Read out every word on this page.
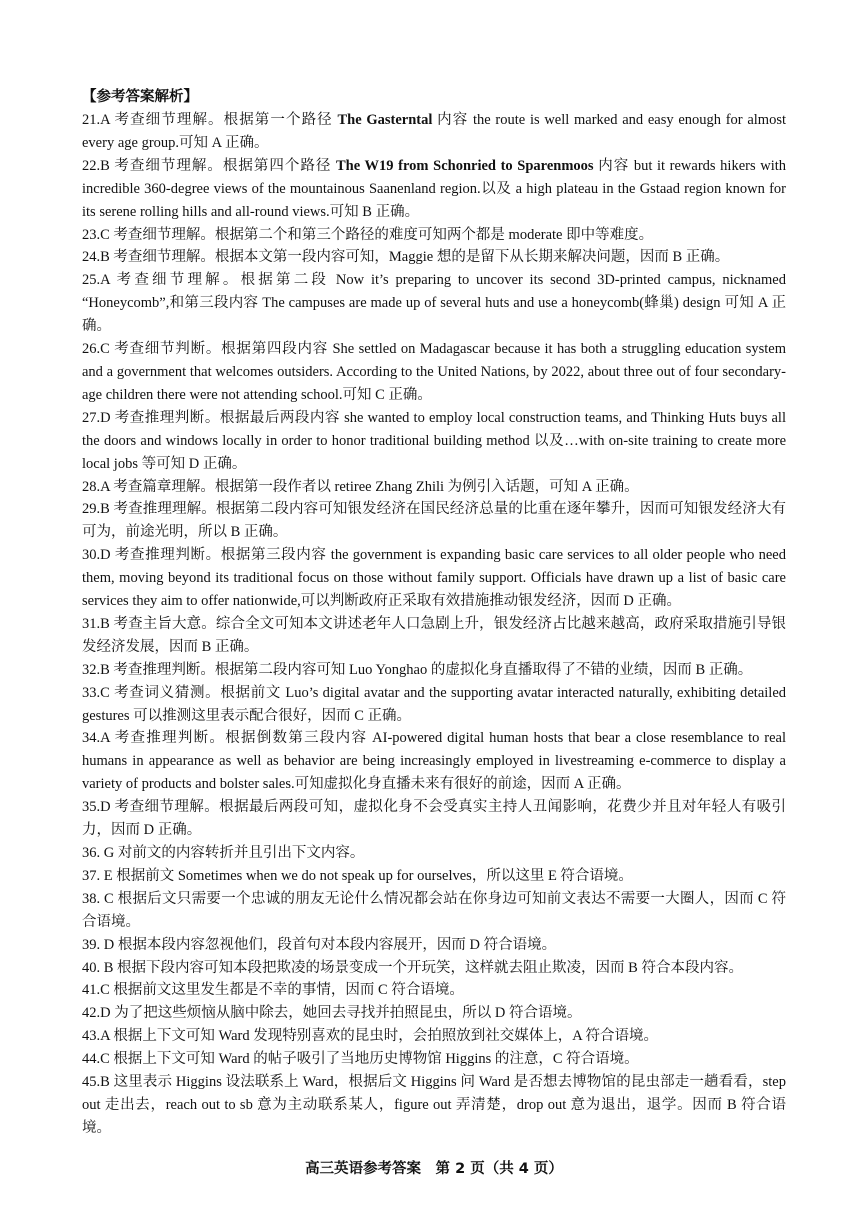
【参考答案解析】

21.A 考查细节理解。根据第一个路径 The Gasterntal 内容 the route is well marked and easy enough for almost every age group.可知 A 正确。

22.B 考查细节理解。根据第四个路径 The W19 from Schonried to Sparenmoos 内容 but it rewards hikers with incredible 360-degree views of the mountainous Saanenland region.以及 a high plateau in the Gstaad region known for its serene rolling hills and all-round views.可知 B 正确。

23.C 考查细节理解。根据第二个和第三个路径的难度可知两个都是 moderate 即中等难度。

24.B 考查细节理解。根据本文第一段内容可知，Maggie 想的是留下从长期来解决问题，因而 B 正确。

25.A 考查细节理解。根据第二段 Now it’s preparing to uncover its second 3D-printed campus, nicknamed “Honeycomb”,和第三段内容 The campuses are made up of several huts and use a honeycomb(蜂巢) design 可知 A 正确。

26.C 考查细节判断。根据第四段内容 She settled on Madagascar because it has both a struggling education system and a government that welcomes outsiders. According to the United Nations, by 2022, about three out of four secondary-age children there were not attending school.可知 C 正确。

27.D 考查推理判断。根据最后两段内容 she wanted to employ local construction teams, and Thinking Huts buys all the doors and windows locally in order to honor traditional building method 以及…with on-site training to create more local jobs 等可知 D 正确。

28.A 考查篇章理解。根据第一段作者以 retiree Zhang Zhili 为例引入话题，可知 A 正确。

29.B 考查推理理解。根据第二段内容可知银发经济在国民经济总量的比重在逐年攀升，因而可知银发经济大有可为，前途光明，所以 B 正确。

30.D 考查推理判断。根据第三段内容 the government is expanding basic care services to all older people who need them, moving beyond its traditional focus on those without family support. Officials have drawn up a list of basic care services they aim to offer nationwide,可以判断政府正采取有效措施推动银发经济，因而 D 正确。

31.B 考查主旨大意。综合全文可知本文讲述老年人口急剧上升，银发经济占比越来越高，政府采取措施引导银发经济发展，因而 B 正确。

32.B 考查推理判断。根据第二段内容可知 Luo Yonghao 的虚拟化身直播取得了不错的业绩，因而 B 正确。

33.C 考查词义猜测。根据前文 Luo’s digital avatar and the supporting avatar interacted naturally, exhibiting detailed gestures 可以推测这里表示配合很好，因而 C 正确。

34.A 考查推理判断。根据倒数第三段内容 AI-powered digital human hosts that bear a close resemblance to real humans in appearance as well as behavior are being increasingly employed in livestreaming e-commerce to display a variety of products and bolster sales.可知虚拟化身直播未来有很好的前途，因而 A 正确。

35.D 考查细节理解。根据最后两段可知，虚拟化身不会受真实主持人丑闻影响，花费少并且对年轻人有吸引力，因而 D 正确。

36. G 对前文的内容转折并且引出下文内容。

37. E 根据前文 Sometimes when we do not speak up for ourselves，所以这里 E 符合语境。

38. C 根据后文只需要一个忠诚的朋友无论什么情况都会站在你身边可知前文表达不需要一大圈人，因而 C 符合语境。

39. D 根据本段内容忽视他们，段首句对本段内容展开，因而 D 符合语境。

40. B 根据下段内容可知本段把欺凌的场景变成一个开玩笑，这样就去阻止欺凌，因而 B 符合本段内容。

41.C 根据前文这里发生都是不幸的事情，因而 C 符合语境。

42.D 为了把这些烦恼从脑中除去，她回去寻找并拍照昆虫，所以 D 符合语境。

43.A 根据上下文可知 Ward 发现特别喜欢的昆虫时，会拍照放到社交媒体上，A 符合语境。

44.C 根据上下文可知 Ward 的帖子吸引了当地历史博物馆 Higgins 的注意，C 符合语境。

45.B 这里表示 Higgins 设法联系上 Ward，根据后文 Higgins 问 Ward 是否想去博物馆的昆虫部走一趟看看，step out 走出去，reach out to sb 意为主动联系某人，figure out 弄清楚，drop out 意为退出，退学。因而 B 符合语境。

高三英语参考答案　第 2 页（共 4 页）
